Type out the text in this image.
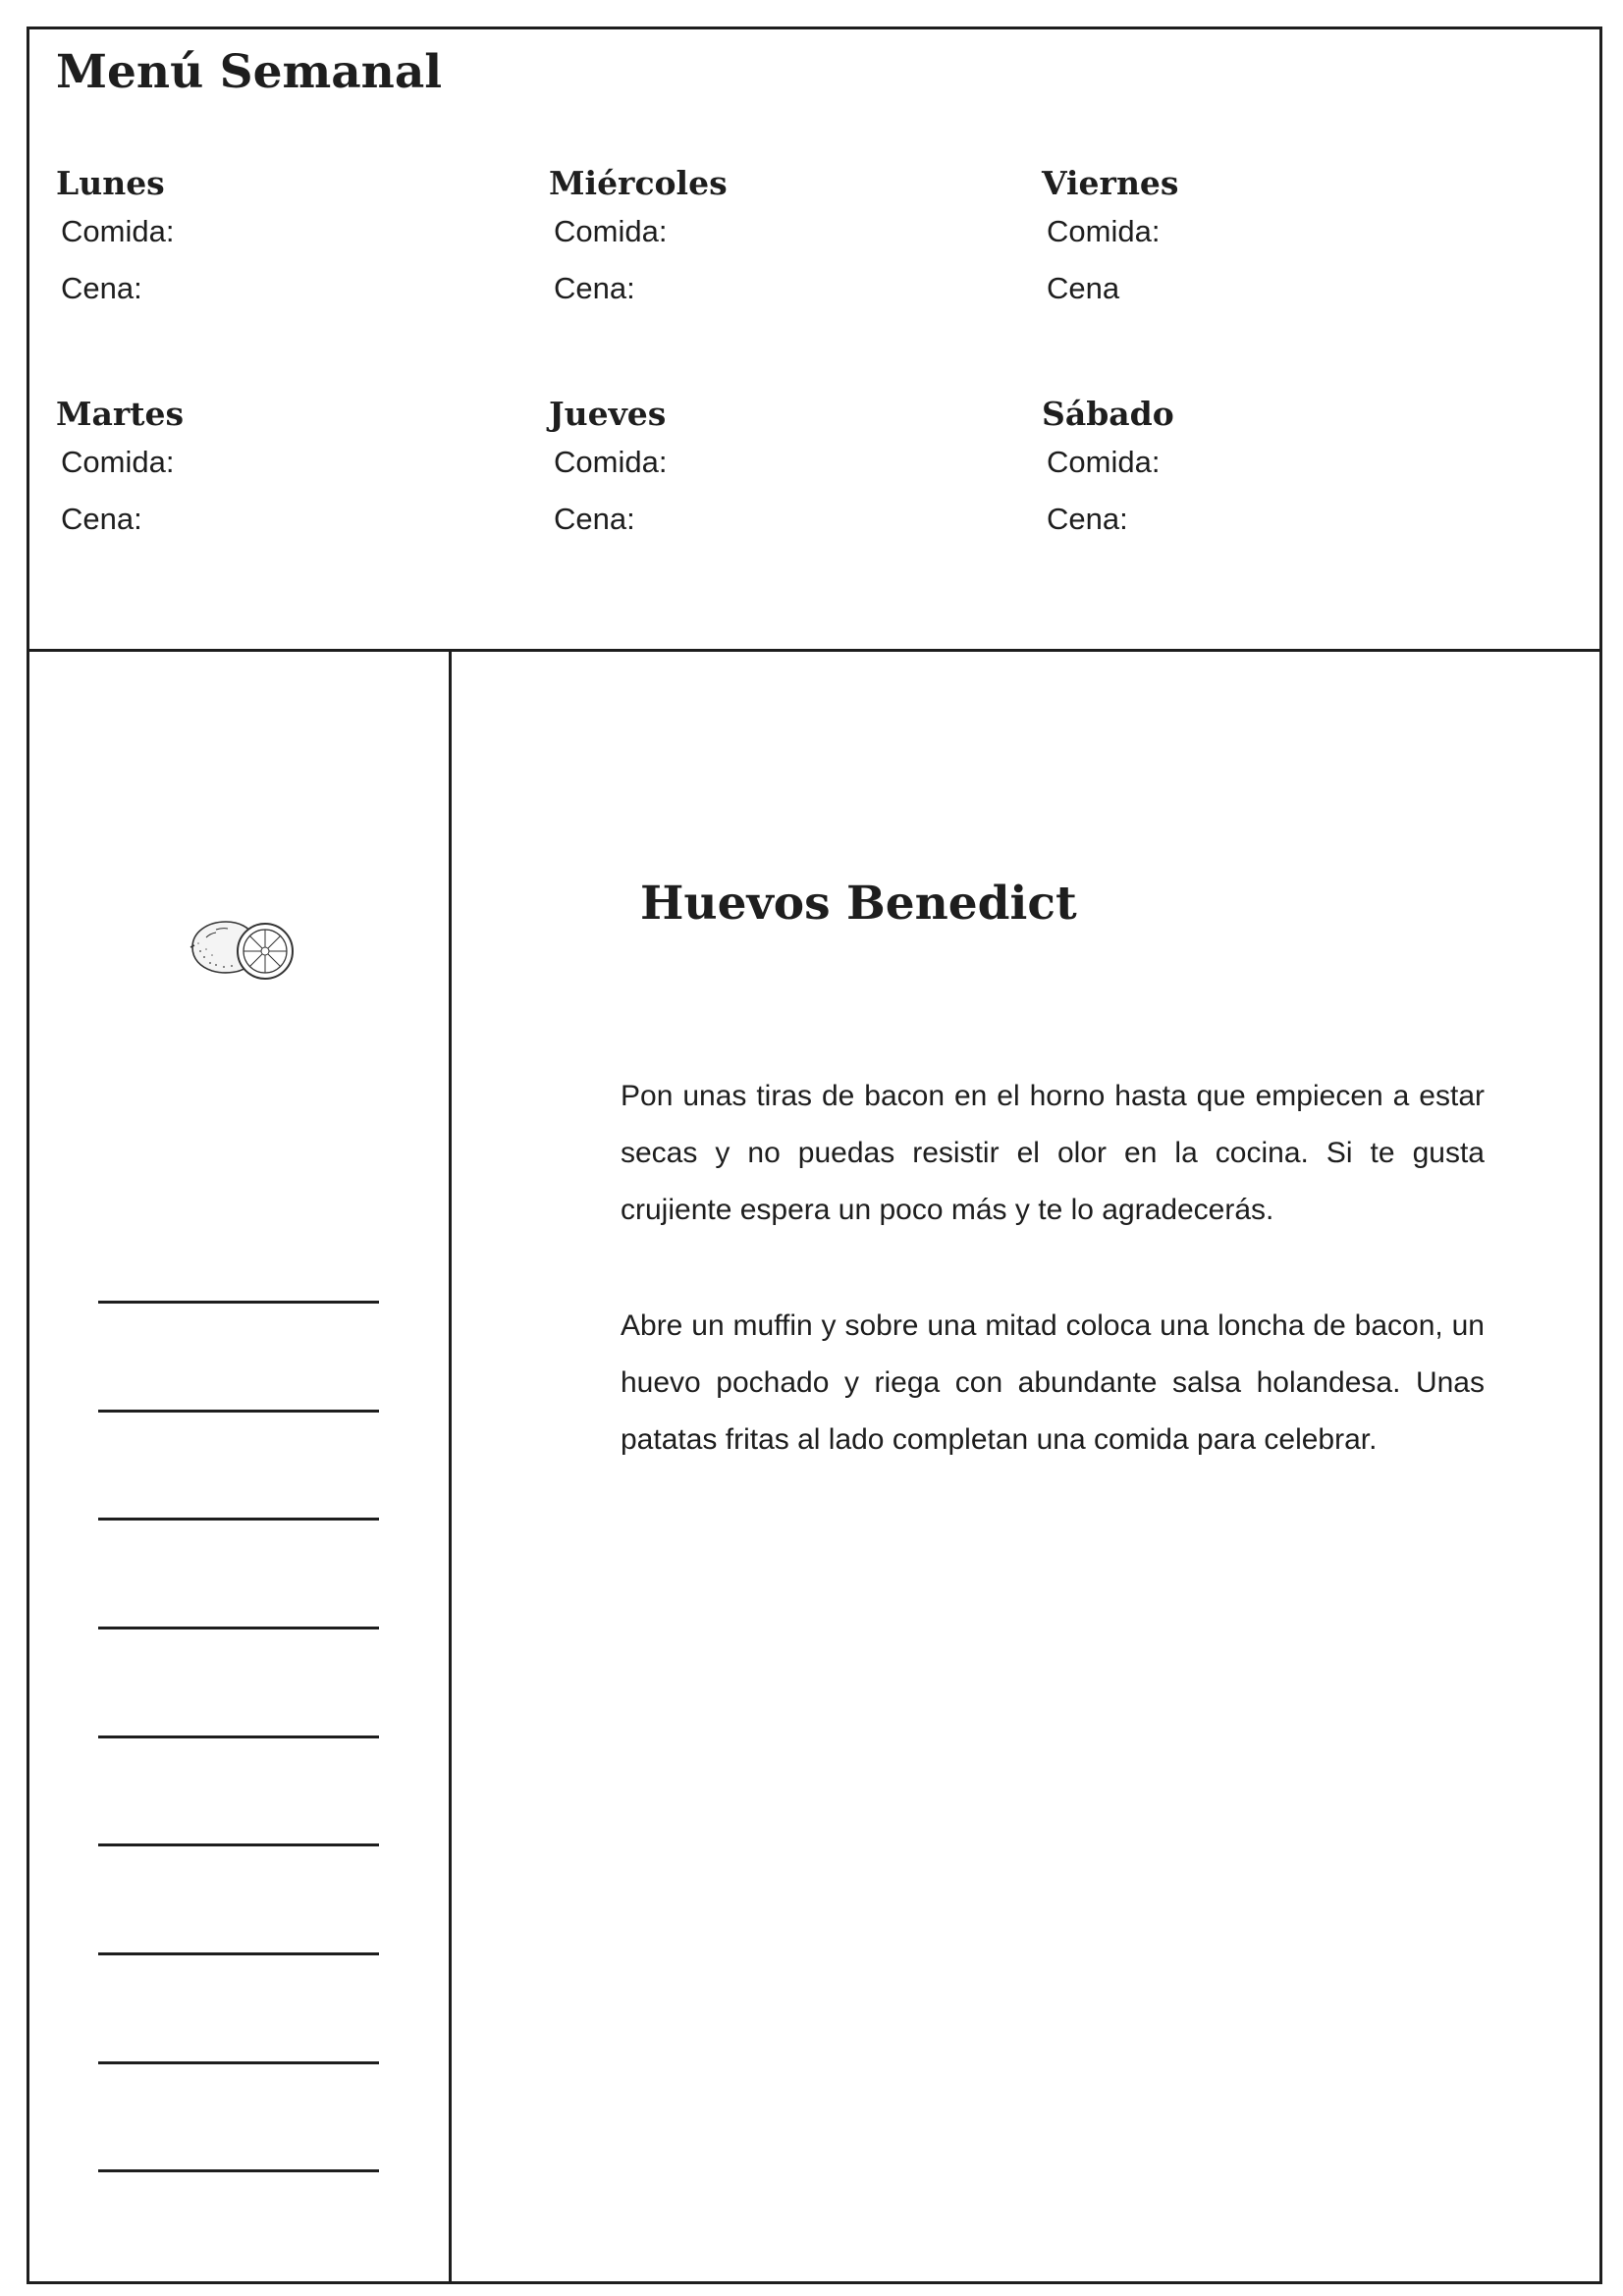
Menú Semanal
Lunes
Comida:
Cena:
Miércoles
Comida:
Cena:
Viernes
Comida:
Cena
Martes
Comida:
Cena:
Jueves
Comida:
Cena:
Sábado
Comida:
Cena:
Huevos Benedict

Pon unas tiras de bacon en el horno hasta que empiecen a estar secas y no puedas resistir el olor en la cocina. Si te gusta crujiente espera un poco más y te lo agradecerás.

Abre un muffin y sobre una mitad coloca una loncha de bacon, un huevo pochado y riega con abundante salsa holandesa. Unas patatas fritas al lado completan una comida para celebrar.
